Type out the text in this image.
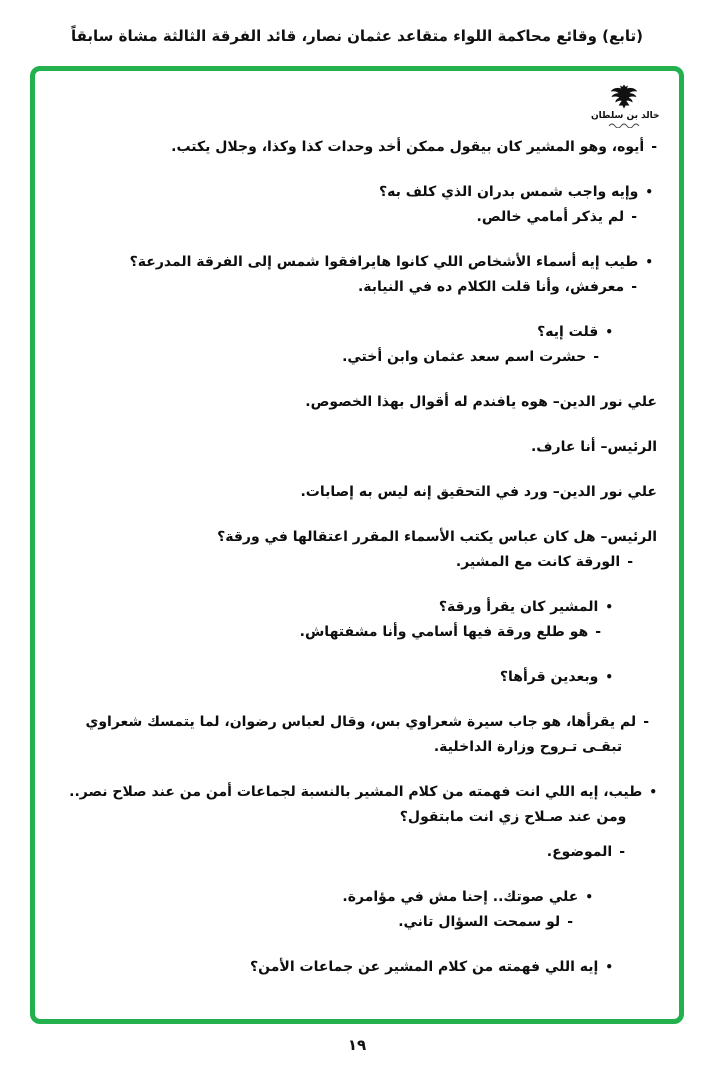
(تابع) وقائع محاكمة اللواء متقاعد عثمان نصار، قائد الفرقة الثالثة مشاة سابقاً
خالد بن سلطان
-
أيوه، وهو المشير كان بيقول ممكن أخد وحدات كذا وكذا، وجلال يكتب.
•
وإيه واجب شمس بدران الذي كلف به؟
-
لم يذكر أمامي خالص.
•
طيب إيه أسماء الأشخاص اللي كانوا هايرافقوا شمس إلى الفرقة المدرعة؟
-
معرفش، وأنا قلت الكلام ده في النيابة.
•
قلت إيه؟
-
حشرت اسم سعد عثمان وابن أختي.
علي نور الدين– هوه يافندم له أقوال بهذا الخصوص.
الرئيس– أنا عارف.
علي نور الدين– ورد في التحقيق إنه ليس به إصابات.
الرئيس– هل كان عباس يكتب الأسماء المقرر اعتقالها في ورقة؟
-
الورقة كانت مع المشير.
•
المشير كان يقرأ ورقة؟
-
هو طلع ورقة فيها أسامي وأنا مشفتهاش.
•
وبعدين قرأها؟
-
لم يقرأها، هو جاب سيرة شعراوي بس، وقال لعباس رضوان، لما يتمسك شعراوي تبقـى تـروح وزارة الداخلية.
•
طيب، إيه اللي انت فهمته من كلام المشير بالنسبة لجماعات أمن من عند صلاح نصر.. ومن عند صـلاح زي انت مابتقول؟
-
الموضوع.
•
علي صوتك.. إحنا مش في مؤامرة.
-
لو سمحت السؤال تاني.
•
إيه اللي فهمته من كلام المشير عن جماعات الأمن؟
١٩
